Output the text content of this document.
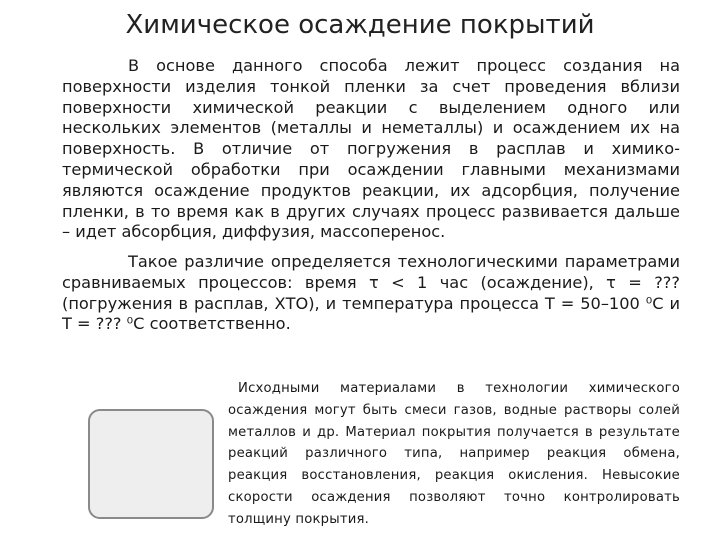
Химическое осаждение покрытий

В основе данного способа лежит процесс создания на поверхности изделия тонкой пленки за счет проведения вблизи поверхности химической реакции с выделением одного или нескольких элементов (металлы и неметаллы) и осаждением их на поверхность. В отличие от погружения в расплав и химико-термической обработки при осаждении главными механизмами являются осаждение продуктов реакции, их адсорбция, получение пленки, в то время как в других случаях процесс развивается дальше – идет абсорбция, диффузия, массоперенос.

Такое различие определяется технологическими параметрами сравниваемых процессов: время τ < 1 час (осаждение), τ = ??? (погружения в расплав, ХТО), и температура процесса T = 50–100 ⁰С и T = ??? ⁰С соответственно.

Исходными материалами в технологии химического осаждения могут быть смеси газов, водные растворы солей металлов и др. Материал покрытия получается в результате реакций различного типа, например реакция обмена, реакция восстановления, реакция окисления. Невысокие скорости осаждения позволяют точно контролировать толщину покрытия.
